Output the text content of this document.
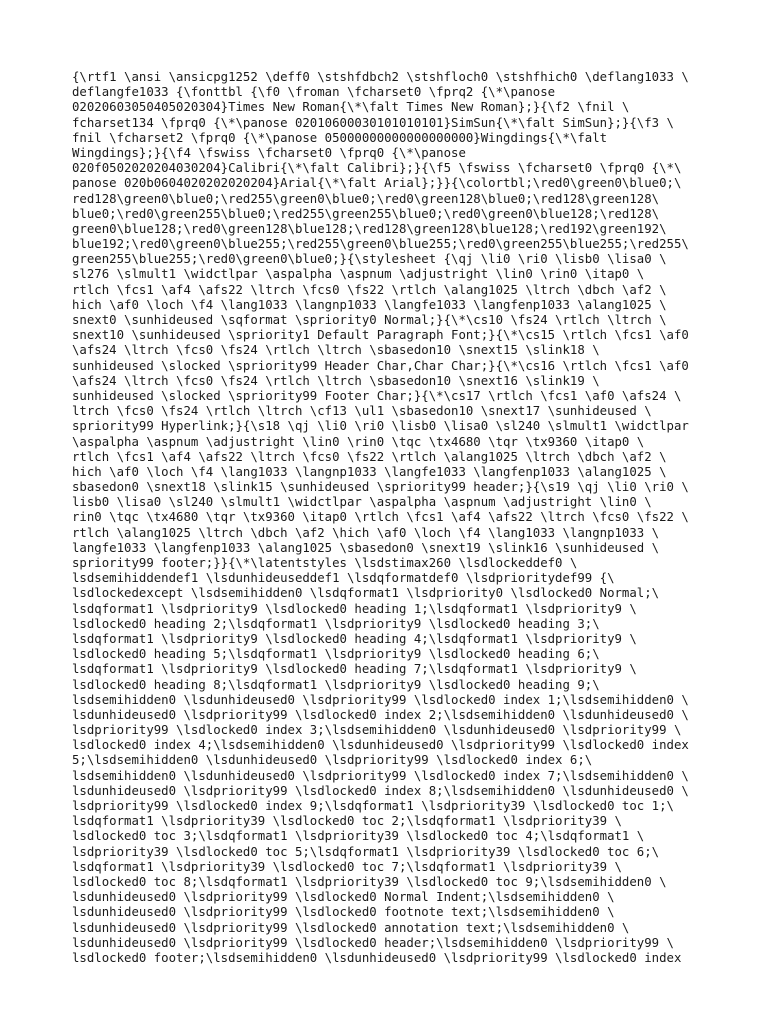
{\rtf1 \ansi \ansicpg1252 \deff0 \stshfdbch2 \stshfloch0 \stshfhich0 \deflang1033 \
deflangfe1033 {\fonttbl {\f0 \froman \fcharset0 \fprq2 {\*\panose
02020603050405020304}Times New Roman{\*\falt Times New Roman};}{\f2 \fnil \
fcharset134 \fprq0 {\*\panose 02010600030101010101}SimSun{\*\falt SimSun};}{\f3 \
fnil \fcharset2 \fprq0 {\*\panose 05000000000000000000}Wingdings{\*\falt
Wingdings};}{\f4 \fswiss \fcharset0 \fprq0 {\*\panose
020f0502020204030204}Calibri{\*\falt Calibri};}{\f5 \fswiss \fcharset0 \fprq0 {\*\
panose 020b0604020202020204}Arial{\*\falt Arial};}}{\colortbl;\red0\green0\blue0;\
red128\green0\blue0;\red255\green0\blue0;\red0\green128\blue0;\red128\green128\
blue0;\red0\green255\blue0;\red255\green255\blue0;\red0\green0\blue128;\red128\
green0\blue128;\red0\green128\blue128;\red128\green128\blue128;\red192\green192\
blue192;\red0\green0\blue255;\red255\green0\blue255;\red0\green255\blue255;\red255\
green255\blue255;\red0\green0\blue0;}{\stylesheet {\qj \li0 \ri0 \lisb0 \lisa0 \
sl276 \slmult1 \widctlpar \aspalpha \aspnum \adjustright \lin0 \rin0 \itap0 \
rtlch \fcs1 \af4 \afs22 \ltrch \fcs0 \fs22 \rtlch \alang1025 \ltrch \dbch \af2 \
hich \af0 \loch \f4 \lang1033 \langnp1033 \langfe1033 \langfenp1033 \alang1025 \
snext0 \sunhideused \sqformat \spriority0 Normal;}{\*\cs10 \fs24 \rtlch \ltrch \
snext10 \sunhideused \spriority1 Default Paragraph Font;}{\*\cs15 \rtlch \fcs1 \af0
\afs24 \ltrch \fcs0 \fs24 \rtlch \ltrch \sbasedon10 \snext15 \slink18 \
sunhideused \slocked \spriority99 Header Char,Char Char;}{\*\cs16 \rtlch \fcs1 \af0
\afs24 \ltrch \fcs0 \fs24 \rtlch \ltrch \sbasedon10 \snext16 \slink19 \
sunhideused \slocked \spriority99 Footer Char;}{\*\cs17 \rtlch \fcs1 \af0 \afs24 \
ltrch \fcs0 \fs24 \rtlch \ltrch \cf13 \ul1 \sbasedon10 \snext17 \sunhideused \
spriority99 Hyperlink;}{\s18 \qj \li0 \ri0 \lisb0 \lisa0 \sl240 \slmult1 \widctlpar
\aspalpha \aspnum \adjustright \lin0 \rin0 \tqc \tx4680 \tqr \tx9360 \itap0 \
rtlch \fcs1 \af4 \afs22 \ltrch \fcs0 \fs22 \rtlch \alang1025 \ltrch \dbch \af2 \
hich \af0 \loch \f4 \lang1033 \langnp1033 \langfe1033 \langfenp1033 \alang1025 \
sbasedon0 \snext18 \slink15 \sunhideused \spriority99 header;}{\s19 \qj \li0 \ri0 \
lisb0 \lisa0 \sl240 \slmult1 \widctlpar \aspalpha \aspnum \adjustright \lin0 \
rin0 \tqc \tx4680 \tqr \tx9360 \itap0 \rtlch \fcs1 \af4 \afs22 \ltrch \fcs0 \fs22 \
rtlch \alang1025 \ltrch \dbch \af2 \hich \af0 \loch \f4 \lang1033 \langnp1033 \
langfe1033 \langfenp1033 \alang1025 \sbasedon0 \snext19 \slink16 \sunhideused \
spriority99 footer;}}{\*\latentstyles \lsdstimax260 \lsdlockeddef0 \
lsdsemihiddendef1 \lsdunhideuseddef1 \lsdqformatdef0 \lsdprioritydef99 {\
lsdlockedexcept \lsdsemihidden0 \lsdqformat1 \lsdpriority0 \lsdlocked0 Normal;\
lsdqformat1 \lsdpriority9 \lsdlocked0 heading 1;\lsdqformat1 \lsdpriority9 \
lsdlocked0 heading 2;\lsdqformat1 \lsdpriority9 \lsdlocked0 heading 3;\
lsdqformat1 \lsdpriority9 \lsdlocked0 heading 4;\lsdqformat1 \lsdpriority9 \
lsdlocked0 heading 5;\lsdqformat1 \lsdpriority9 \lsdlocked0 heading 6;\
lsdqformat1 \lsdpriority9 \lsdlocked0 heading 7;\lsdqformat1 \lsdpriority9 \
lsdlocked0 heading 8;\lsdqformat1 \lsdpriority9 \lsdlocked0 heading 9;\
lsdsemihidden0 \lsdunhideused0 \lsdpriority99 \lsdlocked0 index 1;\lsdsemihidden0 \
lsdunhideused0 \lsdpriority99 \lsdlocked0 index 2;\lsdsemihidden0 \lsdunhideused0 \
lsdpriority99 \lsdlocked0 index 3;\lsdsemihidden0 \lsdunhideused0 \lsdpriority99 \
lsdlocked0 index 4;\lsdsemihidden0 \lsdunhideused0 \lsdpriority99 \lsdlocked0 index
5;\lsdsemihidden0 \lsdunhideused0 \lsdpriority99 \lsdlocked0 index 6;\
lsdsemihidden0 \lsdunhideused0 \lsdpriority99 \lsdlocked0 index 7;\lsdsemihidden0 \
lsdunhideused0 \lsdpriority99 \lsdlocked0 index 8;\lsdsemihidden0 \lsdunhideused0 \
lsdpriority99 \lsdlocked0 index 9;\lsdqformat1 \lsdpriority39 \lsdlocked0 toc 1;\
lsdqformat1 \lsdpriority39 \lsdlocked0 toc 2;\lsdqformat1 \lsdpriority39 \
lsdlocked0 toc 3;\lsdqformat1 \lsdpriority39 \lsdlocked0 toc 4;\lsdqformat1 \
lsdpriority39 \lsdlocked0 toc 5;\lsdqformat1 \lsdpriority39 \lsdlocked0 toc 6;\
lsdqformat1 \lsdpriority39 \lsdlocked0 toc 7;\lsdqformat1 \lsdpriority39 \
lsdlocked0 toc 8;\lsdqformat1 \lsdpriority39 \lsdlocked0 toc 9;\lsdsemihidden0 \
lsdunhideused0 \lsdpriority99 \lsdlocked0 Normal Indent;\lsdsemihidden0 \
lsdunhideused0 \lsdpriority99 \lsdlocked0 footnote text;\lsdsemihidden0 \
lsdunhideused0 \lsdpriority99 \lsdlocked0 annotation text;\lsdsemihidden0 \
lsdunhideused0 \lsdpriority99 \lsdlocked0 header;\lsdsemihidden0 \lsdpriority99 \
lsdlocked0 footer;\lsdsemihidden0 \lsdunhideused0 \lsdpriority99 \lsdlocked0 index
